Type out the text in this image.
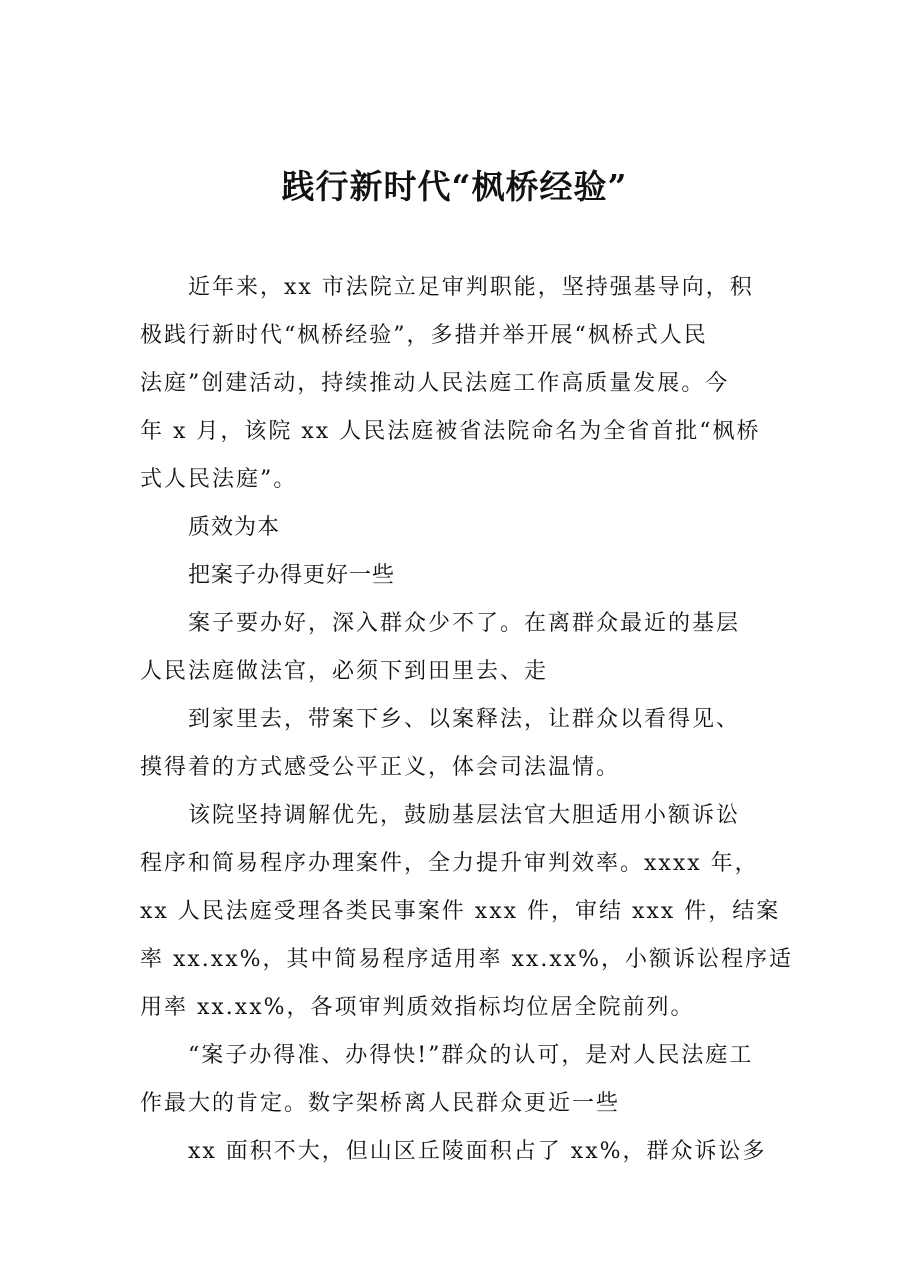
践行新时代“枫桥经验”
近年来，xx 市法院立足审判职能，坚持强基导向，积
极践行新时代“枫桥经验”，多措并举开展“枫桥式人民
法庭”创建活动，持续推动人民法庭工作高质量发展。今
年 x 月，该院 xx 人民法庭被省法院命名为全省首批“枫桥
式人民法庭”。
质效为本
把案子办得更好一些
案子要办好，深入群众少不了。在离群众最近的基层
人民法庭做法官，必须下到田里去、走
到家里去，带案下乡、以案释法，让群众以看得见、
摸得着的方式感受公平正义，体会司法温情。
该院坚持调解优先，鼓励基层法官大胆适用小额诉讼
程序和简易程序办理案件，全力提升审判效率。xxxx 年，
xx 人民法庭受理各类民事案件 xxx 件，审结 xxx 件，结案
率 xx.xx%，其中简易程序适用率 xx.xx%，小额诉讼程序适
用率 xx.xx%，各项审判质效指标均位居全院前列。
“案子办得准、办得快!”群众的认可，是对人民法庭工
作最大的肯定。数字架桥离人民群众更近一些
xx 面积不大，但山区丘陵面积占了 xx%，群众诉讼多
